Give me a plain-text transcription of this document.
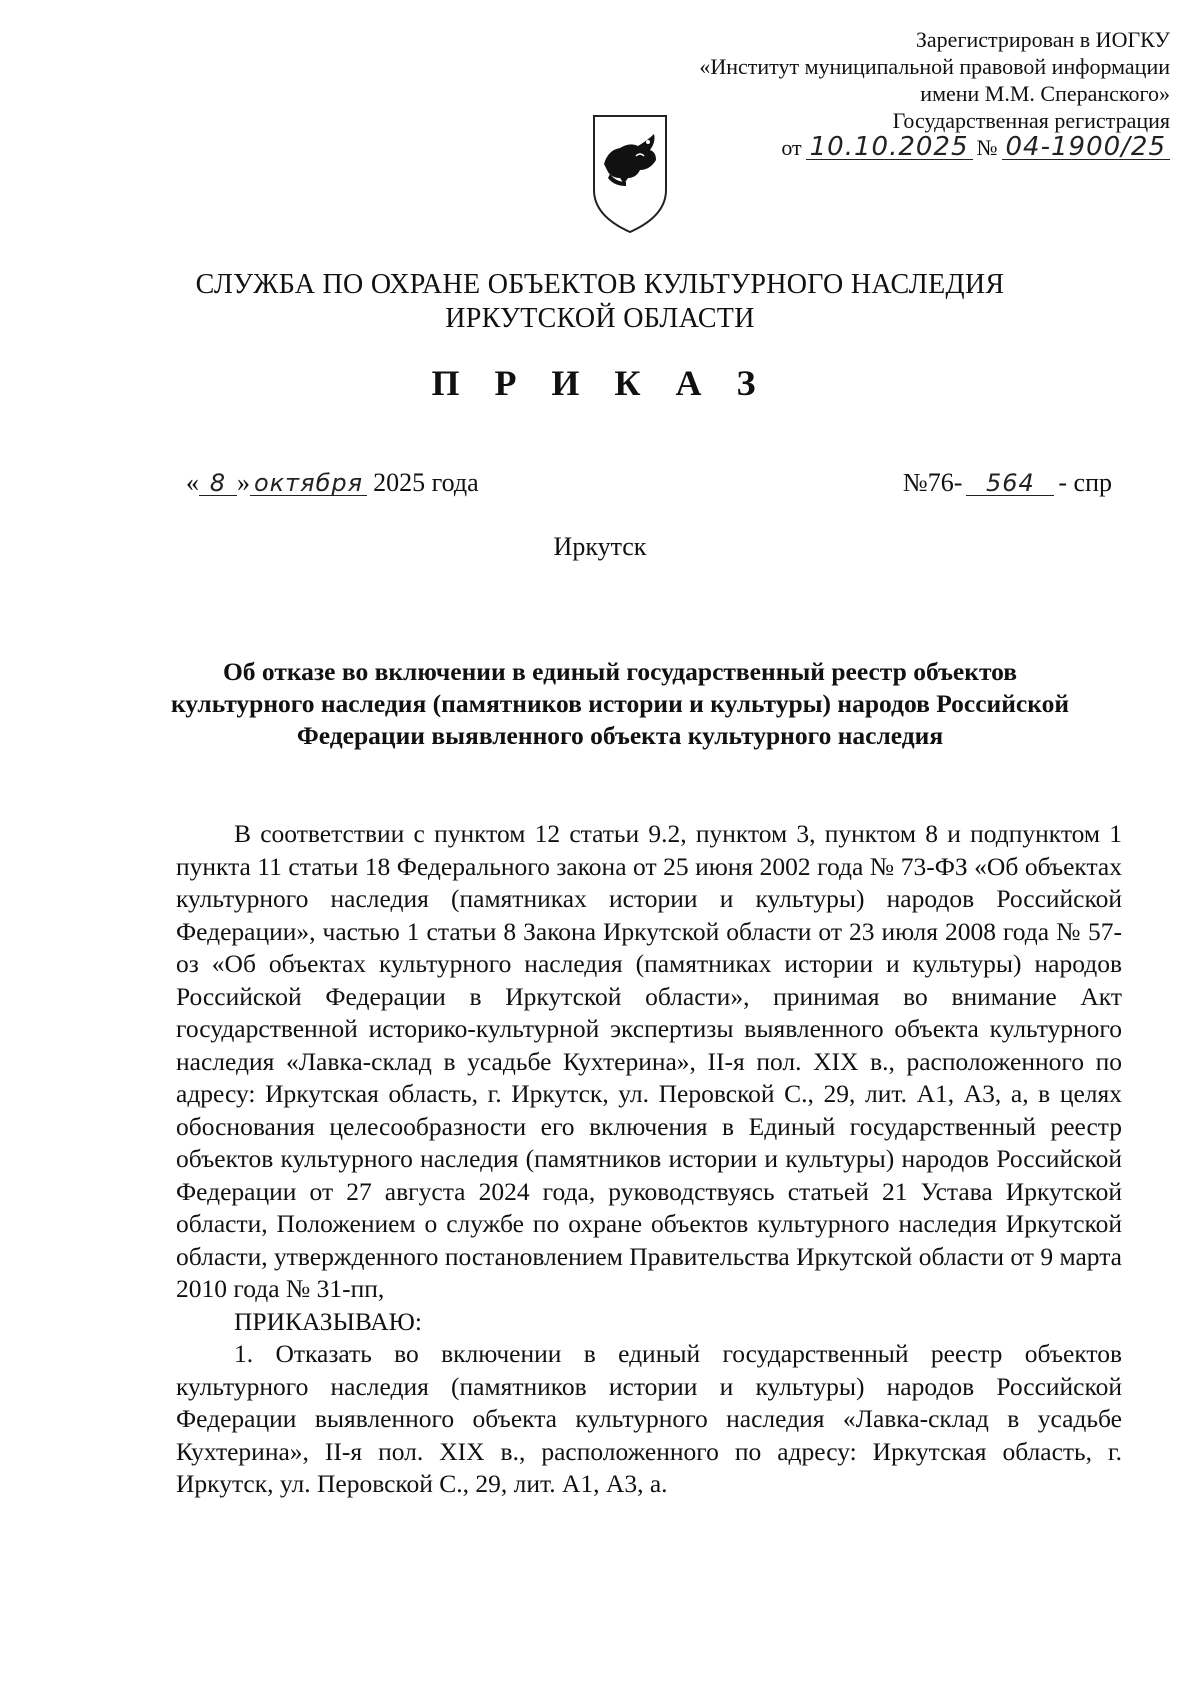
Зарегистрирован в ИОГКУ
«Институт муниципальной правовой информации
имени М.М. Сперанского»
Государственная регистрация
от 10.10.2025 № 04-1900/25
СЛУЖБА ПО ОХРАНЕ ОБЪЕКТОВ КУЛЬТУРНОГО НАСЛЕДИЯ
ИРКУТСКОЙ ОБЛАСТИ
П Р И К А З
« 8 » октября 2025 года	№76- 564 - спр
Иркутск
Об отказе во включении в единый государственный реестр объектов культурного наследия (памятников истории и культуры) народов Российской Федерации выявленного объекта культурного наследия

В соответствии с пунктом 12 статьи 9.2, пунктом 3, пунктом 8 и подпунктом 1 пункта 11 статьи 18 Федерального закона от 25 июня 2002 года № 73-ФЗ «Об объектах культурного наследия (памятниках истории и культуры) народов Российской Федерации», частью 1 статьи 8 Закона Иркутской области от 23 июля 2008 года № 57-оз «Об объектах культурного наследия (памятниках истории и культуры) народов Российской Федерации в Иркутской области», принимая во внимание Акт государственной историко-культурной экспертизы выявленного объекта культурного наследия «Лавка-склад в усадьбе Кухтерина», II-я пол. XIX в., расположенного по адресу: Иркутская область, г. Иркутск, ул. Перовской С., 29, лит. А1, А3, а, в целях обоснования целесообразности его включения в Единый государственный реестр объектов культурного наследия (памятников истории и культуры) народов Российской Федерации от 27 августа 2024 года, руководствуясь статьей 21 Устава Иркутской области, Положением о службе по охране объектов культурного наследия Иркутской области, утвержденного постановлением Правительства Иркутской области от 9 марта 2010 года № 31-пп,

ПРИКАЗЫВАЮ:

1. Отказать во включении в единый государственный реестр объектов культурного наследия (памятников истории и культуры) народов Российской Федерации выявленного объекта культурного наследия «Лавка-склад в усадьбе Кухтерина», II-я пол. XIX в., расположенного по адресу: Иркутская область, г. Иркутск, ул. Перовской С., 29, лит. А1, А3, а.
